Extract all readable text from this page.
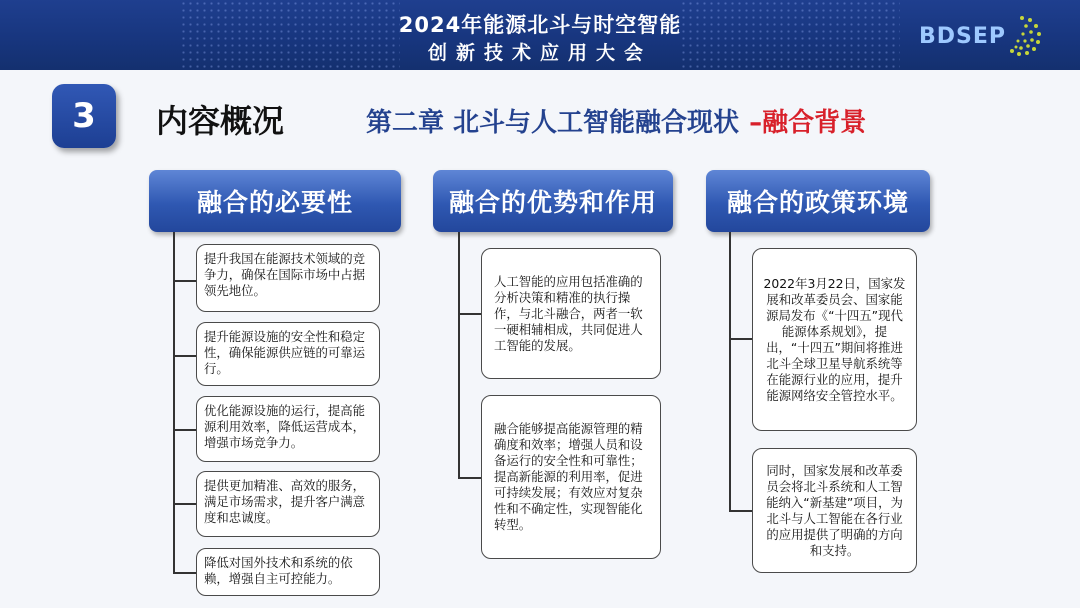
2024年能源北斗与时空智能
创新技术应用大会
BDSEP
3	内容概况	第二章 北斗与人工智能融合现状 –融合背景
融合的必要性
提升我国在能源技术领域的竞争力，确保在国际市场中占据领先地位。
提升能源设施的安全性和稳定性，确保能源供应链的可靠运行。
优化能源设施的运行，提高能源利用效率，降低运营成本，增强市场竞争力。
提供更加精准、高效的服务，满足市场需求，提升客户满意度和忠诚度。
降低对国外技术和系统的依赖，增强自主可控能力。
融合的优势和作用
人工智能的应用包括准确的分析决策和精准的执行操作，与北斗融合，两者一软一硬相辅相成，共同促进人工智能的发展。
融合能够提高能源管理的精确度和效率；增强人员和设备运行的安全性和可靠性；提高新能源的利用率，促进可持续发展；有效应对复杂性和不确定性，实现智能化转型。
融合的政策环境
2022年3月22日，国家发展和改革委员会、国家能源局发布《“十四五”现代能源体系规划》，提出，“十四五”期间将推进北斗全球卫星导航系统等在能源行业的应用，提升能源网络安全管控水平。
同时，国家发展和改革委员会将北斗系统和人工智能纳入“新基建”项目，为北斗与人工智能在各行业的应用提供了明确的方向和支持。
